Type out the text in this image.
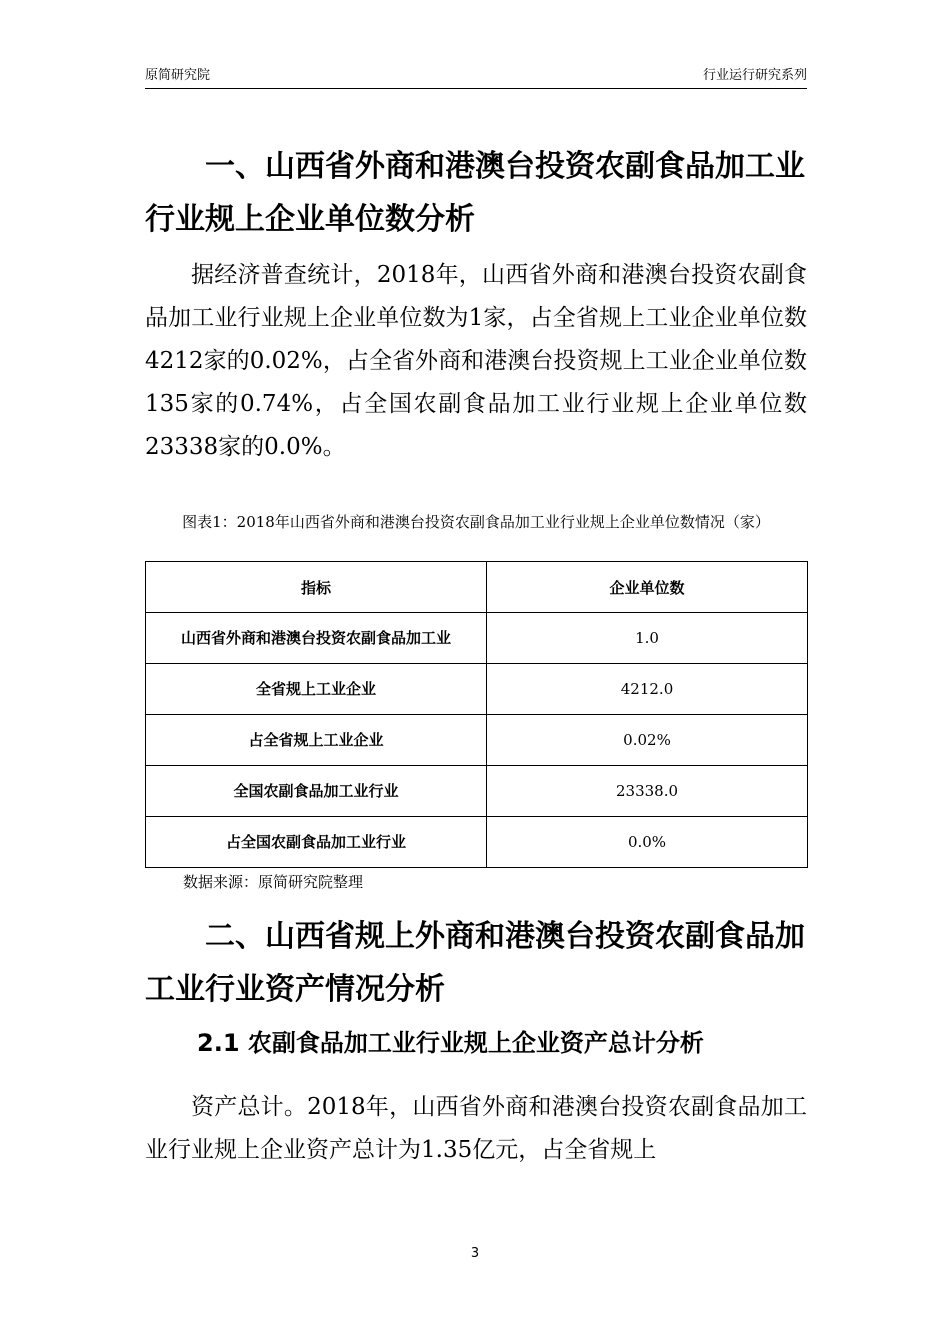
原简研究院	行业运行研究系列

一、山西省外商和港澳台投资农副食品加工业行业规上企业单位数分析

据经济普查统计，2018年，山西省外商和港澳台投资农副食品加工业行业规上企业单位数为1家，占全省规上工业企业单位数4212家的0.02%，占全省外商和港澳台投资规上工业企业单位数135家的0.74%，占全国农副食品加工业行业规上企业单位数23338家的0.0%。

图表1：2018年山西省外商和港澳台投资农副食品加工业行业规上企业单位数情况（家）
指标	企业单位数
山西省外商和港澳台投资农副食品加工业	1.0
全省规上工业企业	4212.0
占全省规上工业企业	0.02%
全国农副食品加工业行业	23338.0
占全国农副食品加工业行业	0.0%
数据来源：原简研究院整理

二、山西省规上外商和港澳台投资农副食品加工业行业资产情况分析

2.1 农副食品加工业行业规上企业资产总计分析

资产总计。2018年，山西省外商和港澳台投资农副食品加工业行业规上企业资产总计为1.35亿元，占全省规上

3
